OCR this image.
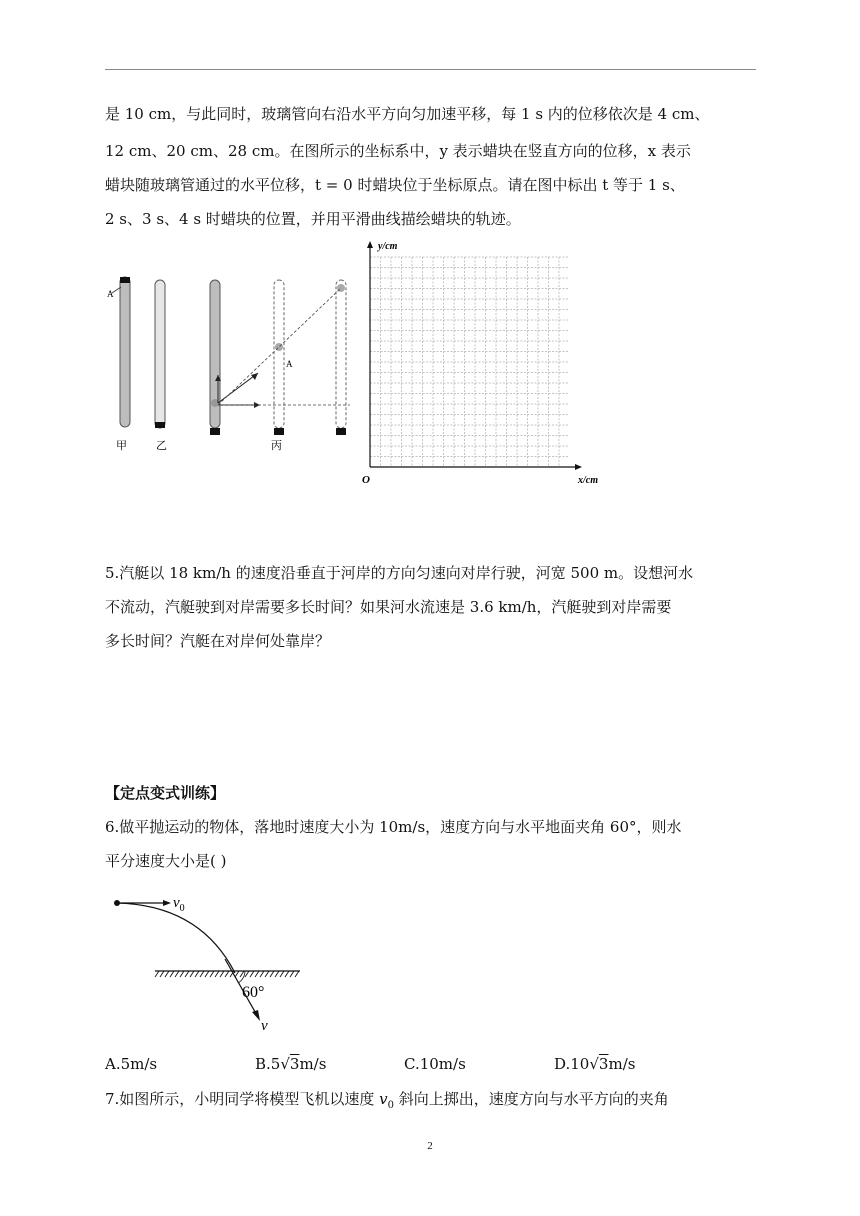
是 10 cm，与此同时，玻璃管向右沿水平方向匀加速平移，每 1 s 内的位移依次是 4 cm、
12 cm、20 cm、28 cm。在图所示的坐标系中，y 表示蜡块在竖直方向的位移，x 表示
蜡块随玻璃管通过的水平位移，t = 0 时蜡块位于坐标原点。请在图中标出 t 等于 1 s、
2 s、3 s、4 s 时蜡块的位置，并用平滑曲线描绘蜡块的轨迹。
A
甲	乙
A
丙
y/cm
x/cm
O
5.汽艇以 18 km/h 的速度沿垂直于河岸的方向匀速向对岸行驶，河宽 500 m。设想河水
不流动，汽艇驶到对岸需要多长时间？如果河水流速是 3.6 km/h，汽艇驶到对岸需要
多长时间？汽艇在对岸何处靠岸？
【定点变式训练】
6.做平抛运动的物体，落地时速度大小为 10m/s，速度方向与水平地面夹角 60°，则水
平分速度大小是( )
$v_0$
60°
v
A.5m/s	B.5√3m/s	C.10m/s	D.10√3m/s
7.如图所示，小明同学将模型飞机以速度 $v_0$ 斜向上掷出，速度方向与水平方向的夹角
2
